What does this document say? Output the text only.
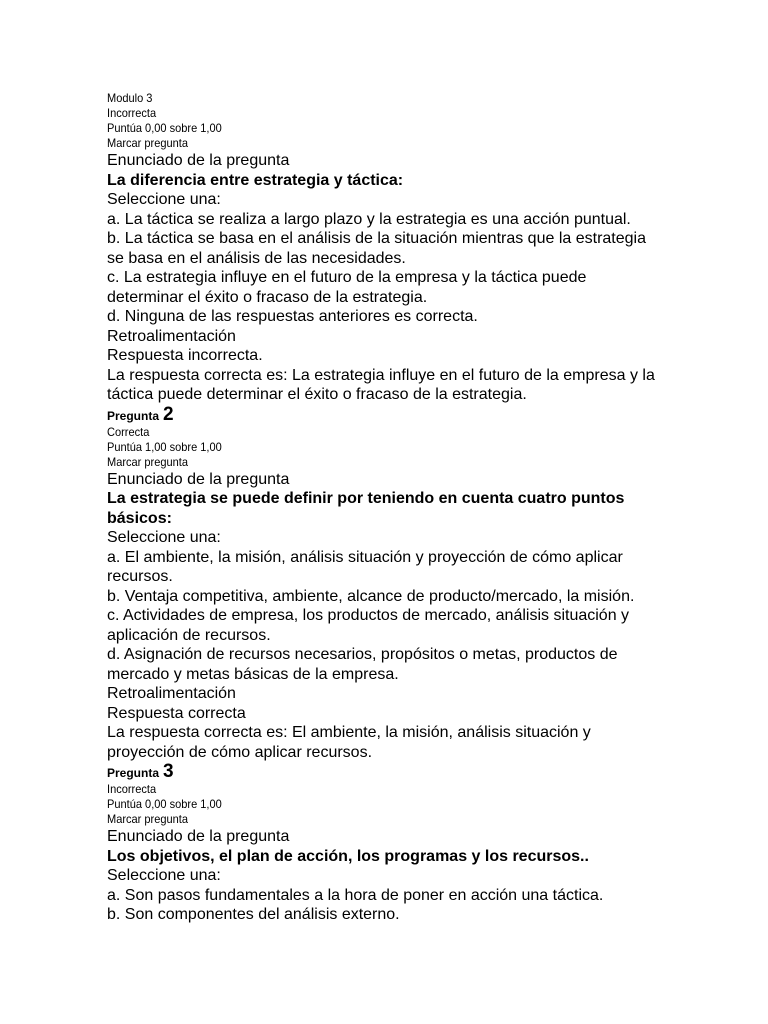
Modulo 3
Incorrecta
Puntúa 0,00 sobre 1,00
Marcar pregunta
Enunciado de la pregunta
La diferencia entre estrategia y táctica:
Seleccione una:
a. La táctica se realiza a largo plazo y la estrategia es una acción puntual.
b. La táctica se basa en el análisis de la situación mientras que la estrategia se basa en el análisis de las necesidades.
c. La estrategia influye en el futuro de la empresa y la táctica puede determinar el éxito o fracaso de la estrategia.
d. Ninguna de las respuestas anteriores es correcta.
Retroalimentación
Respuesta incorrecta.
La respuesta correcta es: La estrategia influye en el futuro de la empresa y la táctica puede determinar el éxito o fracaso de la estrategia.
Pregunta 2
Correcta
Puntúa 1,00 sobre 1,00
Marcar pregunta
Enunciado de la pregunta
La estrategia se puede definir por teniendo en cuenta cuatro puntos básicos:
Seleccione una:
a. El ambiente, la misión, análisis situación y proyección de cómo aplicar recursos.
b. Ventaja competitiva, ambiente, alcance de producto/mercado, la misión.
c. Actividades de empresa, los productos de mercado, análisis situación y aplicación de recursos.
d. Asignación de recursos necesarios, propósitos o metas, productos de mercado y metas básicas de la empresa.
Retroalimentación
Respuesta correcta
La respuesta correcta es: El ambiente, la misión, análisis situación y proyección de cómo aplicar recursos.
Pregunta 3
Incorrecta
Puntúa 0,00 sobre 1,00
Marcar pregunta
Enunciado de la pregunta
Los objetivos, el plan de acción, los programas y los recursos..
Seleccione una:
a. Son pasos fundamentales a la hora de poner en acción una táctica.
b. Son componentes del análisis externo.
